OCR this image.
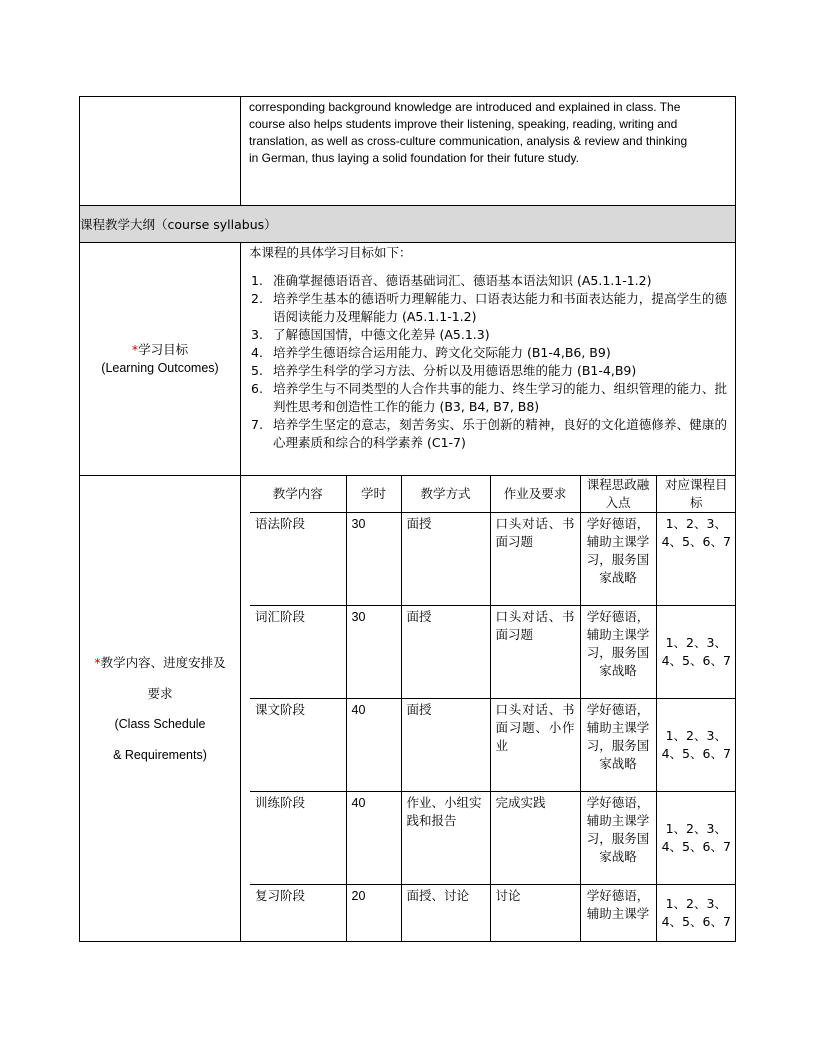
corresponding background knowledge are introduced and explained in class. The

course also helps students improve their listening, speaking, reading, writing and

translation, as well as cross-culture communication, analysis & review and thinking

in German, thus laying a solid foundation for their future study.

课程教学大纲（course syllabus）

*学习目标
(Learning Outcomes)

本课程的具体学习目标如下：
1. 准确掌握德语语音、德语基础词汇、德语基本语法知识 (A5.1.1-1.2)
2. 培养学生基本的德语听力理解能力、口语表达能力和书面表达能力，提高学生的德语阅读能力及理解能力 (A5.1.1-1.2)
3. 了解德国国情，中德文化差异 (A5.1.3)
4. 培养学生德语综合运用能力、跨文化交际能力 (B1-4,B6, B9)
5. 培养学生科学的学习方法、分析以及用德语思维的能力 (B1-4,B9)
6. 培养学生与不同类型的人合作共事的能力、终生学习的能力、组织管理的能力、批判性思考和创造性工作的能力 (B3, B4, B7, B8)
7. 培养学生坚定的意志，刻苦务实、乐于创新的精神，良好的文化道德修养、健康的心理素质和综合的科学素养 (C1-7)

*教学内容、进度安排及
要求
(Class Schedule
& Requirements)

教学内容	学时	教学方式	作业及要求	课程思政融入点	对应课程目标
语法阶段	30	面授	口头对话、书面习题	学好德语，辅助主课学习，服务国家战略	1、2、3、4、5、6、7
词汇阶段	30	面授	口头对话、书面习题	学好德语，辅助主课学习，服务国家战略	1、2、3、4、5、6、7
课文阶段	40	面授	口头对话、书面习题、小作业	学好德语，辅助主课学习，服务国家战略	1、2、3、4、5、6、7
训练阶段	40	作业、小组实践和报告	完成实践	学好德语，辅助主课学习，服务国家战略	1、2、3、4、5、6、7
复习阶段	20	面授、讨论	讨论	学好德语，辅助主课学	1、2、3、4、5、6、7
